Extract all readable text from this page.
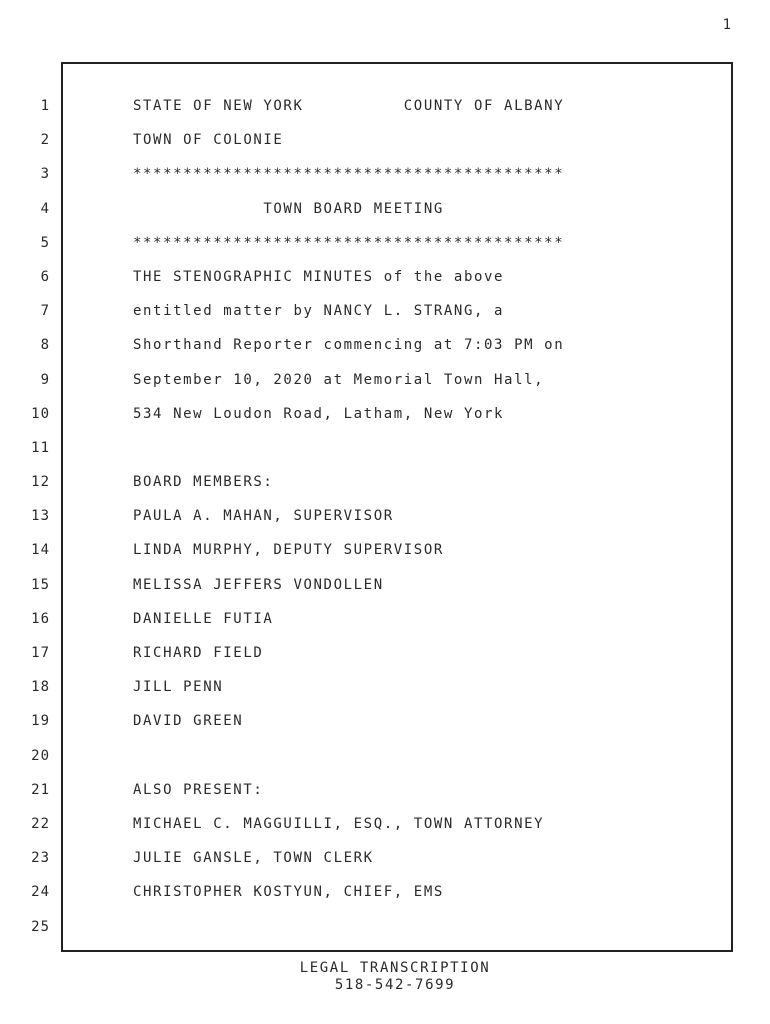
1
1
2
3
4
5
6
7
8
9
10
11
12
13
14
15
16
17
18
19
20
21
22
23
24
25
STATE OF NEW YORK          COUNTY OF ALBANY
TOWN OF COLONIE
*******************************************
TOWN BOARD MEETING
*******************************************
THE STENOGRAPHIC MINUTES of the above
entitled matter by NANCY L. STRANG, a
Shorthand Reporter commencing at 7:03 PM on
September 10, 2020 at Memorial Town Hall,
534 New Loudon Road, Latham, New York
BOARD MEMBERS:
PAULA A. MAHAN, SUPERVISOR
LINDA MURPHY, DEPUTY SUPERVISOR
MELISSA JEFFERS VONDOLLEN
DANIELLE FUTIA
RICHARD FIELD
JILL PENN
DAVID GREEN
ALSO PRESENT:
MICHAEL C. MAGGUILLI, ESQ., TOWN ATTORNEY
JULIE GANSLE, TOWN CLERK
CHRISTOPHER KOSTYUN, CHIEF, EMS
LEGAL TRANSCRIPTION
518-542-7699
